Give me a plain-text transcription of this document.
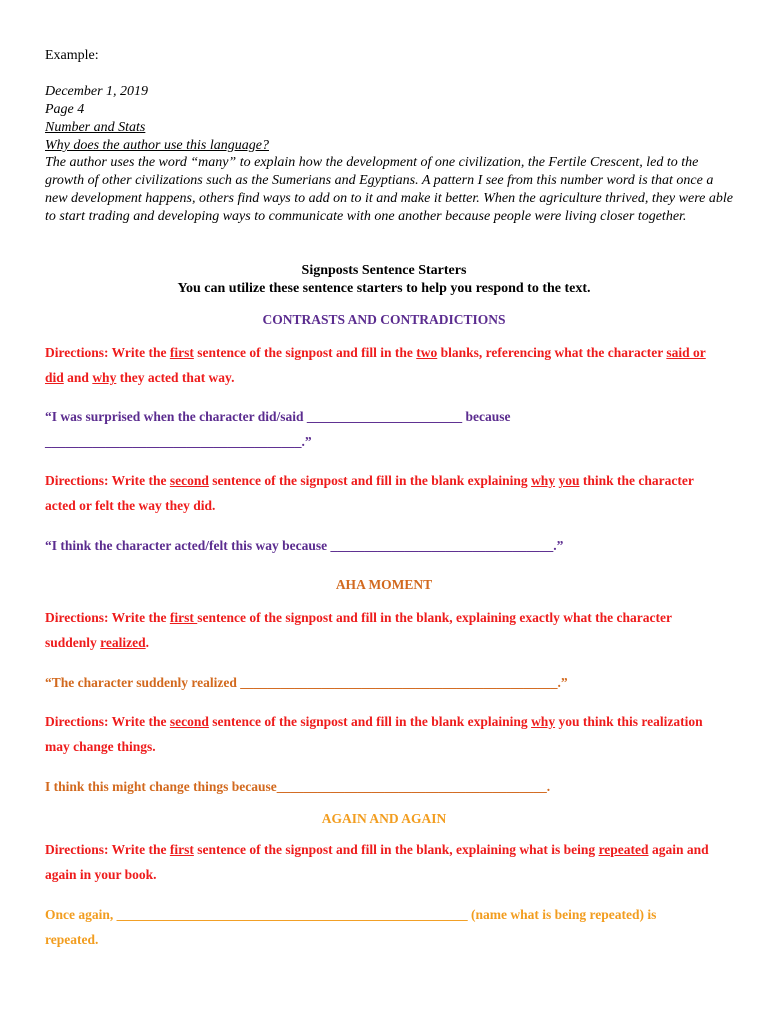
Example:
December 1, 2019
Page 4
Number and Stats
Why does the author use this language?
The author uses the word “many” to explain how the development of one civilization, the Fertile Crescent, led to the growth of other civilizations such as the Sumerians and Egyptians. A pattern I see from this number word is that once a new development happens, others find ways to add on to it and make it better. When the agriculture thrived, they were able to start trading and developing ways to communicate with one another because people were living closer together.
Signposts Sentence Starters
You can utilize these sentence starters to help you respond to the text.
CONTRASTS AND CONTRADICTIONS
Directions: Write the first sentence of the signpost and fill in the two blanks, referencing what the character said or did and why they acted that way.
“I was surprised when the character did/said _______________________ because ______________________________________.”
Directions: Write the second sentence of the signpost and fill in the blank explaining why you think the character acted or felt the way they did.
“I think the character acted/felt this way because _________________________________.”
AHA MOMENT
Directions: Write the first sentence of the signpost and fill in the blank, explaining exactly what the character suddenly realized.
“The character suddenly realized _______________________________________________.”
Directions: Write the second sentence of the signpost and fill in the blank explaining why you think this realization may change things.
I think this might change things because________________________________________.
AGAIN AND AGAIN
Directions: Write the first sentence of the signpost and fill in the blank, explaining what is being repeated again and again in your book.
Once again, ____________________________________________________ (name what is being repeated) is repeated.
